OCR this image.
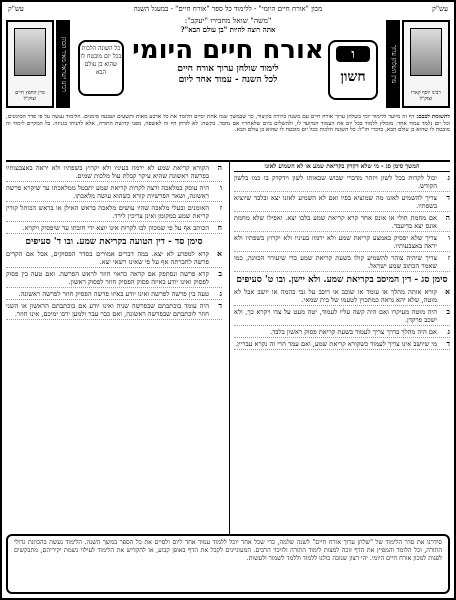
עש"ק
מכון "אורח חיים היומי" - ללימוד כל ספר "אורח חיים" - במעגל השנה
עש"ק
רבינו יוסף קארו זצוק"ל
מרן השלחן ערוך
"משה" שואל מחבירו "יעקב":
אתה רוצה להיות "בן עולם הבא"?
ו
חשון
אורח חיים היומי
לימוד שולחן ערוך אורח חיים
לכל השנה - עמוד אחד ליום
כל השונה הלכות בכל יום מובטח לו שהוא בן עולם הבא
רבינו ישראל מאיר הכהן
מרן החפץ חיים זצוק"ל
לתשומת לבכם: דף זה מיועד ללימוד יומי בשלחן ערוך אורח חיים עם משנה ברורה בקיצור, כך שבמשך שנה אחת יסיים הלומד את כל ארבע מאות ותשעים ושבעה סימנים. הלימוד נעשה על פי סדר הסימנים, וכל יום נלמד עמוד אחד. מומלץ ללמוד בכל יום את העמוד המיועד לו, ולהשלים ביום שלאחריו אם נחסר. בקשה: לא לזרוק דף זה לאשפה, מפני קדושת התורה, אלא להניחו בגניזה. כל המקיים לימוד זה מובטח לו שהוא בן עולם הבא, כדברי חז"ל: כל השונה הלכות בכל יום מובטח לו שהוא בן עולם הבא.
המשך סימן סג - מי שלא דקדק בקריאת שמע או לא השמיע לאזנו
ג
יכול לקרות בכל לשון ויזהר מדברי שבוש שבאותו לשון וידקדק בו כמו בלשון הקודש.
ד
צריך להשמיע לאזנו מה שמוציא בפיו ואם לא השמיע לאזנו יצא ובלבד שיוציא בשפתיו.
ה
אם מחמת חולי או אונס אחר קרא קריאת שמע בלבו יצא. ואפילו שלא מחמת אונס יצא בדיעבד.
ו
צריך שלא יפסיק באמצע קריאת שמע ולא ירמוז בעיניו ולא יקרוץ בשפתיו ולא יראה באצבעותיו.
ז
צריך שיהיה צוהר להשמיע קולו בשעת קריאת שמע כדי שיעורר הכוונה, כמו שאמר הכתוב שמע ישראל.
סימן סג - דין המיסב בקריאת שמע. ולא יישן. ובו ט' סעיפים
א
קורא אותה מהלך או עומד או שוכב או רוכב על גבי בהמה או יושב אבל לא מוטה, שלא יהא נראה כמתכוין לטעמו של בית שמאי.
ב
היה מוטה מעיקרו ואם היה קשה עליו לעמוד, יטה מעט על צדו ויקרא כך, ולא ישכב פרקדן.
ג
אם היה מהלך בדרך צריך לעמוד בשעת קריאת פסוק ראשון בלבד.
ד
מי שיושב אינו צריך לעמוד כשקורא קריאת שמע, ואם עמד הרי זה נקרא עבריין.
ה
הקורא קריאת שמע לא ירמוז בעיניו ולא יקרוץ בשפתיו ולא יראה באצבעותיו בפרשה ראשונה שהיא עיקר קבלת עול מלכות שמים.
ו
היה עוסק במלאכה ורצה לקרות קריאת שמע יתבטל ממלאכתו עד שיקרא פרשה ראשונה, ושאר הפרשיות קורא כשהוא עושה מלאכתו.
ז
האומנים ובעלי מלאכה שהיו עושים מלאכה בראש האילן או בראש הכותל קורין קריאת שמע במקומן ואינן צריכין לירד.
ח
הכותב אף על פי שמכוון לבו לקרות אינו יוצא ידי חובתו עד שיפסיק ויקרא.
סימן סד - דין הטועה בקריאת שמע. ובו ד' סעיפים
א
קרא למפרע לא יצא. במה דברים אמורים בסדר הפסוקים, אבל אם הקדים פרשה לחברתה אף על פי שאינו רשאי יצא.
ב
קרא פרשה ונסתפק אם קראה כראוי חוזר לראש הפרשה. ואם טעה בין פסוק לפסוק ואינו יודע באיזה פסוק הפסיק חוזר לפסוק ראשון.
ג
טעה בין פרשה לפרשה ואינו יודע באיזו פרשה הפסיק חוזר לפרשה ראשונה.
ד
היה עומד בוכתבתם שבפרשה שניה ואינו יודע אם בוכתבתם הראשון או השני חוזר לוכתבתם שבפרשה ראשונה, ואם כבר עבר ולמען ירבו ימיכם, אינו חוזר.
סידרנו את סדר הלימוד של "שלחן ערוך אורח חיים" לשנה שלמה, כדי שכל אחד יוכל ללמוד עמוד אחד ליום ולסיים את כל הספר במשך השנה. הלימוד נעשה בהכוונת גדולי התורה, וכל הלומד והמפיץ את הדף זוכה למצות לימוד התורה ולזיכוי הרבים. המעוניינים לקבל את הדף באופן קבוע, או להקדיש את הלימוד לעילוי נשמת יקיריהם, מתבקשים לפנות למכון אורח חיים היומי. יהי רצון שנזכה כולנו ללמוד וללמד לשמור ולעשות.
